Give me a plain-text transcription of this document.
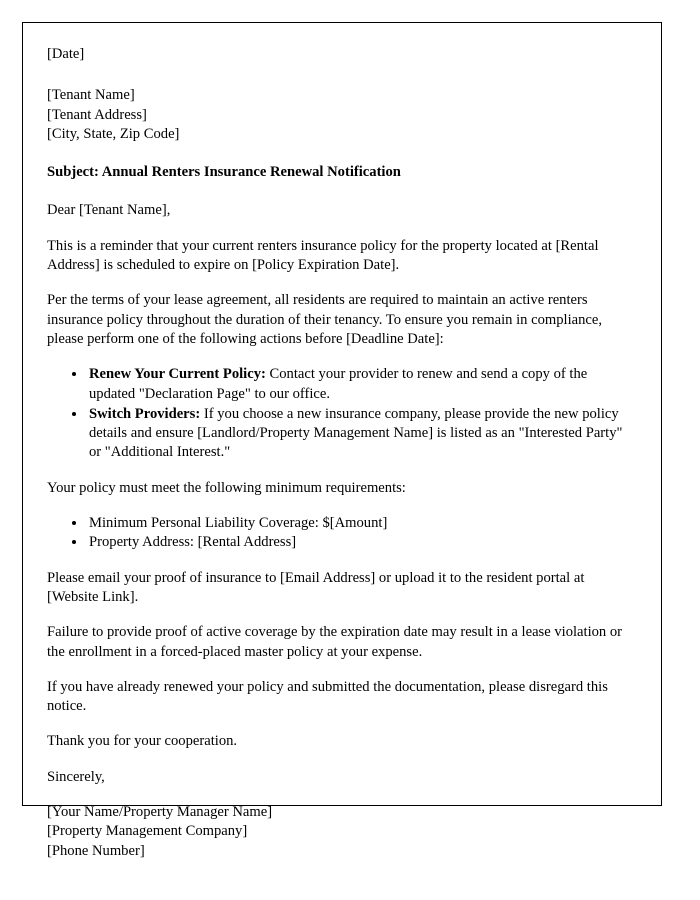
[Date]

[Tenant Name]

[Tenant Address]

[City, State, Zip Code]

Subject: Annual Renters Insurance Renewal Notification

Dear [Tenant Name],

This is a reminder that your current renters insurance policy for the property located at [Rental Address] is scheduled to expire on [Policy Expiration Date].

Per the terms of your lease agreement, all residents are required to maintain an active renters insurance policy throughout the duration of their tenancy. To ensure you remain in compliance, please perform one of the following actions before [Deadline Date]:

• Renew Your Current Policy: Contact your provider to renew and send a copy of the updated "Declaration Page" to our office.
• Switch Providers: If you choose a new insurance company, please provide the new policy details and ensure [Landlord/Property Management Name] is listed as an "Interested Party" or "Additional Interest."

Your policy must meet the following minimum requirements:

• Minimum Personal Liability Coverage: $[Amount]
• Property Address: [Rental Address]

Please email your proof of insurance to [Email Address] or upload it to the resident portal at [Website Link].

Failure to provide proof of active coverage by the expiration date may result in a lease violation or the enrollment in a forced-placed master policy at your expense.

If you have already renewed your policy and submitted the documentation, please disregard this notice.

Thank you for your cooperation.

Sincerely,

[Your Name/Property Manager Name]

[Property Management Company]

[Phone Number]
